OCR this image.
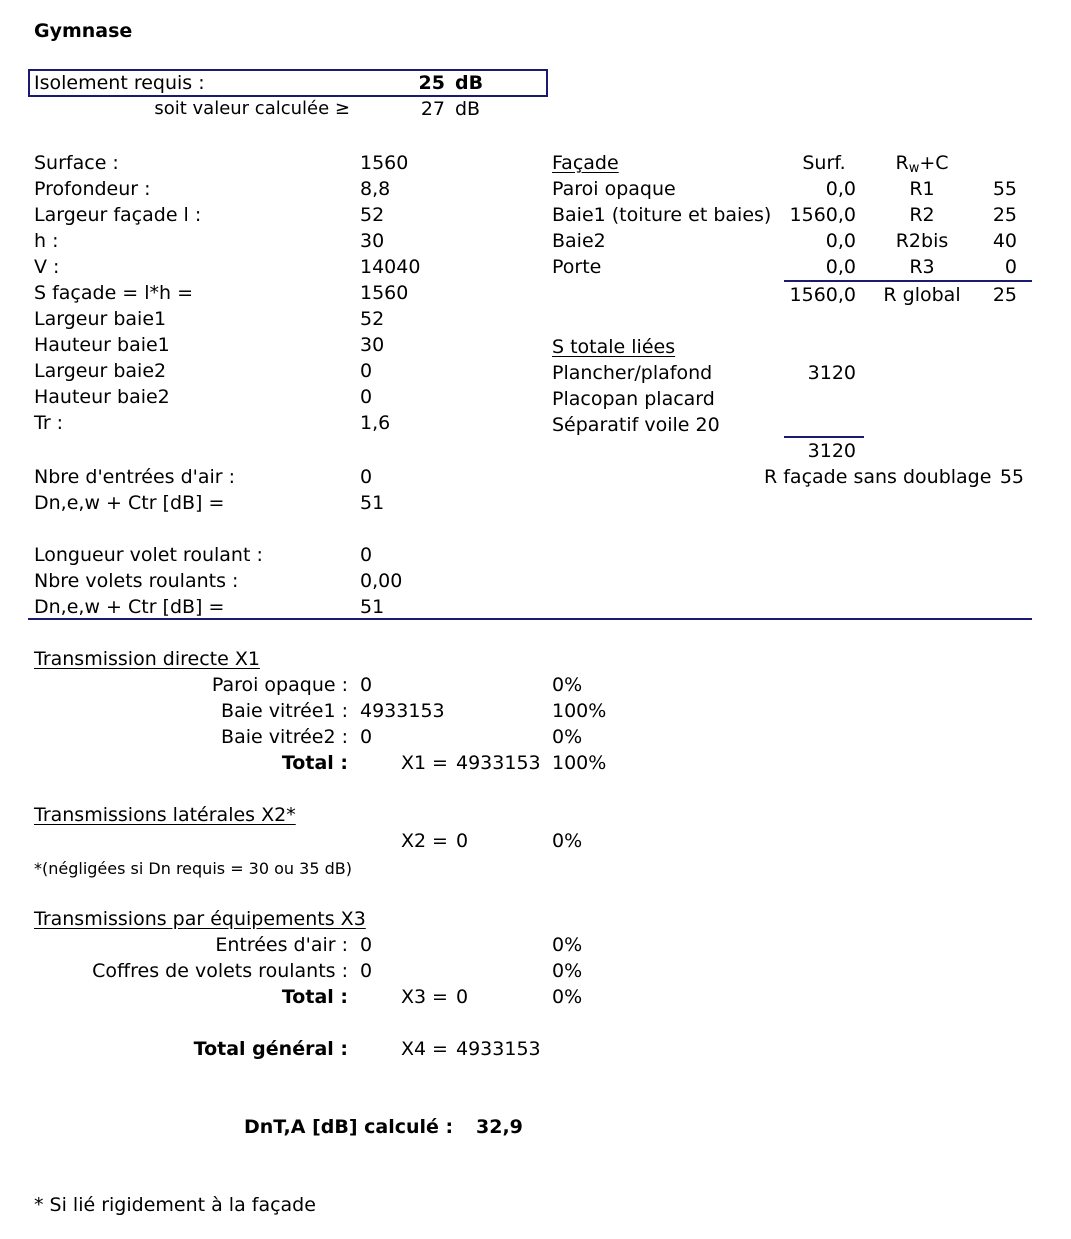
Gymnase
Isolement requis :	25 dB
soit valeur calculée ≥	27 dB
Surface :	1560
Profondeur :	8,8
Largeur façade l :	52
h :	30
V :	14040
S façade = l*h =	1560
Largeur baie1	52
Hauteur baie1	30
Largeur baie2	0
Hauteur baie2	0
Tr :	1,6
Nbre d'entrées d'air :	0
Dn,e,w + Ctr [dB] =	51
Longueur volet roulant :	0
Nbre volets roulants :	0,00
Dn,e,w + Ctr [dB] =	51
Façade	Surf.	$R_w+C$
Paroi opaque	0,0	R1	55
Baie1 (toiture et baies) 1560,0	R2	25
Baie2	0,0	R2bis	40
Porte	0,0	R3	0
1560,0	R global	25
S totale liées
Plancher/plafond	3120
Placopan placard
Séparatif voile 20
3120
R façade sans doublage 55
Transmission directe X1
Paroi opaque : 0	0%
Baie vitrée1 : 4933153	100%
Baie vitrée2 : 0	0%
Total :	X1 = 4933153 100%
Transmissions latérales X2*
X2 = 0	0%
*(négligées si Dn requis = 30 ou 35 dB)
Transmissions par équipements X3
Entrées d'air : 0	0%
Coffres de volets roulants : 0	0%
Total :	X3 = 0	0%
Total général :	X4 = 4933153
DnT,A [dB] calculé : 32,9
* Si lié rigidement à la façade
